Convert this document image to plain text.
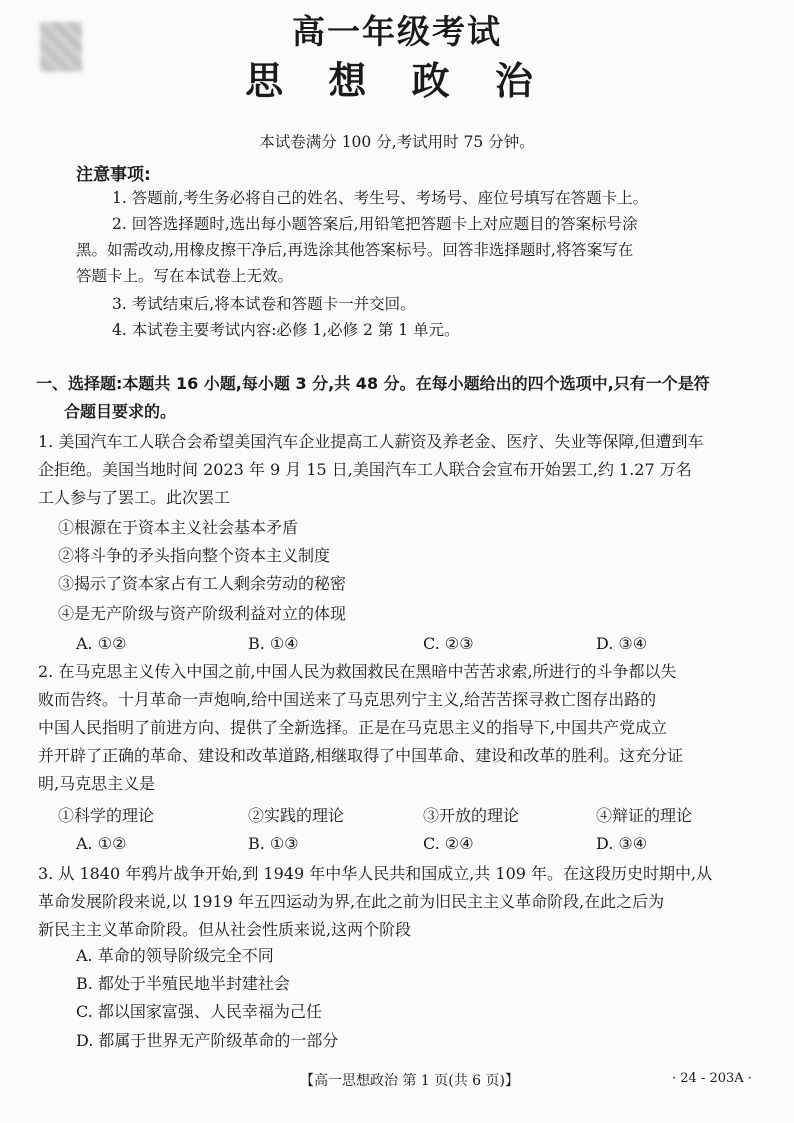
高一年级考试
思 想 政 治
本试卷满分 100 分,考试用时 75 分钟。
注意事项:
1. 答题前,考生务必将自己的姓名、考生号、考场号、座位号填写在答题卡上。
2. 回答选择题时,选出每小题答案后,用铅笔把答题卡上对应题目的答案标号涂
黑。如需改动,用橡皮擦干净后,再选涂其他答案标号。回答非选择题时,将答案写在
答题卡上。写在本试卷上无效。
3. 考试结束后,将本试卷和答题卡一并交回。
4. 本试卷主要考试内容:必修 1,必修 2 第 1 单元。
一、选择题:本题共 16 小题,每小题 3 分,共 48 分。在每小题给出的四个选项中,只有一个是符
合题目要求的。
1. 美国汽车工人联合会希望美国汽车企业提高工人薪资及养老金、医疗、失业等保障,但遭到车
企拒绝。美国当地时间 2023 年 9 月 15 日,美国汽车工人联合会宣布开始罢工,约 1.27 万名
工人参与了罢工。此次罢工
①根源在于资本主义社会基本矛盾
②将斗争的矛头指向整个资本主义制度
③揭示了资本家占有工人剩余劳动的秘密
④是无产阶级与资产阶级利益对立的体现
A. ①②	B. ①④	C. ②③	D. ③④
2. 在马克思主义传入中国之前,中国人民为救国救民在黑暗中苦苦求索,所进行的斗争都以失
败而告终。十月革命一声炮响,给中国送来了马克思列宁主义,给苦苦探寻救亡图存出路的
中国人民指明了前进方向、提供了全新选择。正是在马克思主义的指导下,中国共产党成立
并开辟了正确的革命、建设和改革道路,相继取得了中国革命、建设和改革的胜利。这充分证
明,马克思主义是
①科学的理论	②实践的理论	③开放的理论	④辩证的理论
A. ①②	B. ①③	C. ②④	D. ③④
3. 从 1840 年鸦片战争开始,到 1949 年中华人民共和国成立,共 109 年。在这段历史时期中,从
革命发展阶段来说,以 1919 年五四运动为界,在此之前为旧民主主义革命阶段,在此之后为
新民主主义革命阶段。但从社会性质来说,这两个阶段
A. 革命的领导阶级完全不同
B. 都处于半殖民地半封建社会
C. 都以国家富强、人民幸福为己任
D. 都属于世界无产阶级革命的一部分
【高一思想政治 第 1 页(共 6 页)】	· 24 - 203A ·
